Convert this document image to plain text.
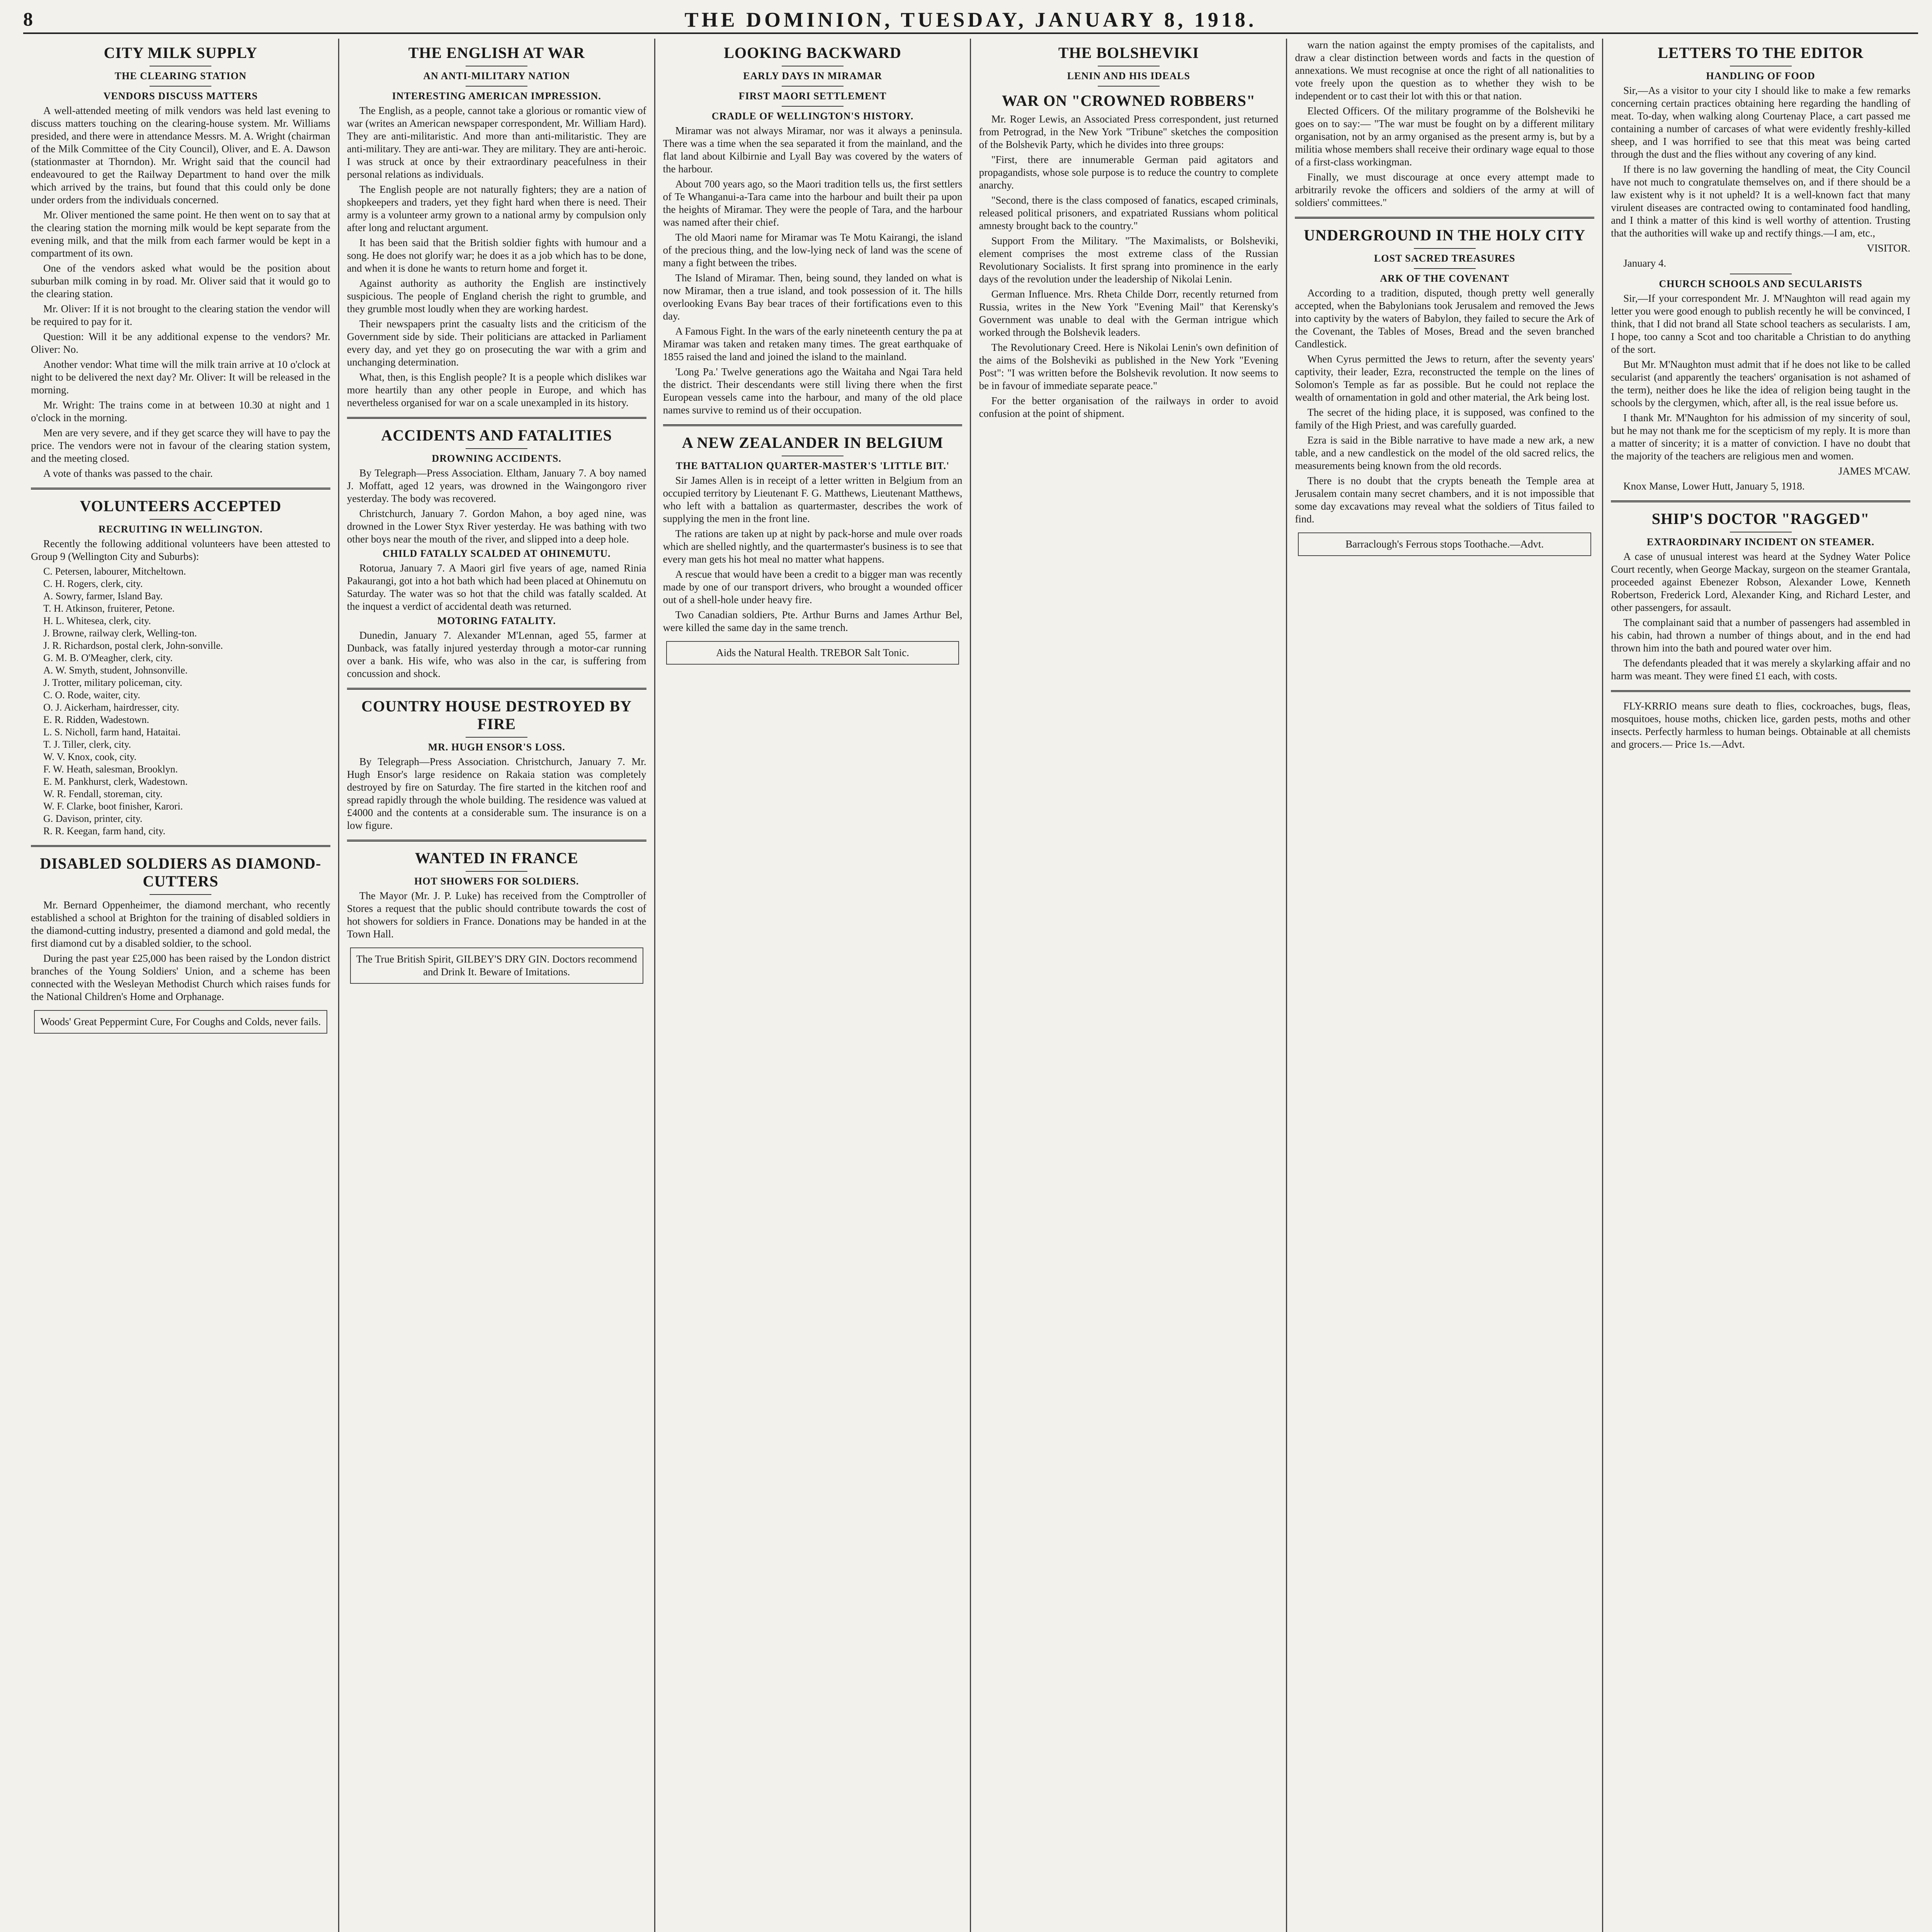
8	THE DOMINION, TUESDAY, JANUARY 8, 1918.
CITY MILK SUPPLY
THE CLEARING STATION
VENDORS DISCUSS MATTERS

A well-attended meeting of milk vendors was held last evening to discuss matters touching on the clearing-house system. Mr. Williams presided, and there were in attendance Messrs. M. A. Wright (chairman of the Milk Committee of the City Council), Oliver, and E. A. Dawson (stationmaster at Thorndon). Mr. Wright said that the council had endeavoured to get the Railway Department to hand over the milk which arrived by the trains, but found that this could only be done under orders from the individuals concerned.

Mr. Oliver mentioned the same point. He then went on to say that at the clearing station the morning milk would be kept separate from the evening milk, and that the milk from each farmer would be kept in a compartment of its own.

One of the vendors asked what would be the position about suburban milk coming in by road. Mr. Oliver said that it would go to the clearing station.

Mr. Oliver: If it is not brought to the clearing station the vendor will be required to pay for it.

Question: Will it be any additional expense to the vendors? Mr. Oliver: No.

Another vendor: What time will the milk train arrive at 10 o'clock at night to be delivered the next day? Mr. Oliver: It will be released in the morning.

Mr. Wright: The trains come in at between 10.30 at night and 1 o'clock in the morning.

Men are very severe, and if they get scarce they will have to pay the price. The vendors were not in favour of the clearing station system, and the meeting closed.

A vote of thanks was passed to the chair.

VOLUNTEERS ACCEPTED
RECRUITING IN WELLINGTON.

Recently the following additional volunteers have been attested to Group 9 (Wellington City and Suburbs):

C. Petersen, labourer, Mitcheltown.
C. H. Rogers, clerk, city.
A. Sowry, farmer, Island Bay.
T. H. Atkinson, fruiterer, Petone.
H. L. Whitesea, clerk, city.
J. Browne, railway clerk, Welling-ton.
J. R. Richardson, postal clerk, John-sonville.
G. M. B. O'Meagher, clerk, city.
A. W. Smyth, student, Johnsonville.
J. Trotter, military policeman, city.
C. O. Rode, waiter, city.
O. J. Aickerham, hairdresser, city.
E. R. Ridden, Wadestown.
L. S. Nicholl, farm hand, Hataitai.
T. J. Tiller, clerk, city.
W. V. Knox, cook, city.
F. W. Heath, salesman, Brooklyn.
E. M. Pankhurst, clerk, Wadestown.
W. R. Fendall, storeman, city.
W. F. Clarke, boot finisher, Karori.
G. Davison, printer, city.
R. R. Keegan, farm hand, city.
DISABLED SOLDIERS AS DIAMOND-CUTTERS

Mr. Bernard Oppenheimer, the diamond merchant, who recently established a school at Brighton for the training of disabled soldiers in the diamond-cutting industry, presented a diamond and gold medal, the first diamond cut by a disabled soldier, to the school.

During the past year £25,000 has been raised by the London district branches of the Young Soldiers' Union, and a scheme has been connected with the Wesleyan Methodist Church which raises funds for the National Children's Home and Orphanage.

Woods' Great Peppermint Cure, For Coughs and Colds, never fails.
THE ENGLISH AT WAR
AN ANTI-MILITARY NATION
INTERESTING AMERICAN IMPRESSION.

The English, as a people, cannot take a glorious or romantic view of war (writes an American newspaper correspondent, Mr. William Hard). They are anti-militaristic. And more than anti-militaristic. They are anti-military. They are anti-war. They are military. They are anti-heroic. I was struck at once by their extraordinary peacefulness in their personal relations as individuals.

The English people are not naturally fighters; they are a nation of shopkeepers and traders, yet they fight hard when there is need. Their army is a volunteer army grown to a national army by compulsion only after long and reluctant argument.

It has been said that the British soldier fights with humour and a song. He does not glorify war; he does it as a job which has to be done, and when it is done he wants to return home and forget it.

Against authority as authority the English are instinctively suspicious. The people of England cherish the right to grumble, and they grumble most loudly when they are working hardest.

Their newspapers print the casualty lists and the criticism of the Government side by side. Their politicians are attacked in Parliament every day, and yet they go on prosecuting the war with a grim and unchanging determination.

What, then, is this English people? It is a people which dislikes war more heartily than any other people in Europe, and which has nevertheless organised for war on a scale unexampled in its history.

ACCIDENTS AND FATALITIES
DROWNING ACCIDENTS.

By Telegraph—Press Association. Eltham, January 7. A boy named J. Moffatt, aged 12 years, was drowned in the Waingongoro river yesterday. The body was recovered.

Christchurch, January 7. Gordon Mahon, a boy aged nine, was drowned in the Lower Styx River yesterday. He was bathing with two other boys near the mouth of the river, and slipped into a deep hole.

CHILD FATALLY SCALDED AT OHINEMUTU.

Rotorua, January 7. A Maori girl five years of age, named Rinia Pakaurangi, got into a hot bath which had been placed at Ohinemutu on Saturday. The water was so hot that the child was fatally scalded. At the inquest a verdict of accidental death was returned.

MOTORING FATALITY.

Dunedin, January 7. Alexander M'Lennan, aged 55, farmer at Dunback, was fatally injured yesterday through a motor-car running over a bank. His wife, who was also in the car, is suffering from concussion and shock.

COUNTRY HOUSE DESTROYED BY FIRE
MR. HUGH ENSOR'S LOSS.

By Telegraph—Press Association. Christchurch, January 7. Mr. Hugh Ensor's large residence on Rakaia station was completely destroyed by fire on Saturday. The fire started in the kitchen roof and spread rapidly through the whole building. The residence was valued at £4000 and the contents at a considerable sum. The insurance is on a low figure.

WANTED IN FRANCE
HOT SHOWERS FOR SOLDIERS.

The Mayor (Mr. J. P. Luke) has received from the Comptroller of Stores a request that the public should contribute towards the cost of hot showers for soldiers in France. Donations may be handed in at the Town Hall.

The True British Spirit, GILBEY'S DRY GIN. Doctors recommend and Drink It. Beware of Imitations.
LOOKING BACKWARD
EARLY DAYS IN MIRAMAR
FIRST MAORI SETTLEMENT
CRADLE OF WELLINGTON'S HISTORY.

Miramar was not always Miramar, nor was it always a peninsula. There was a time when the sea separated it from the mainland, and the flat land about Kilbirnie and Lyall Bay was covered by the waters of the harbour.

About 700 years ago, so the Maori tradition tells us, the first settlers of Te Whanganui-a-Tara came into the harbour and built their pa upon the heights of Miramar. They were the people of Tara, and the harbour was named after their chief.

The old Maori name for Miramar was Te Motu Kairangi, the island of the precious thing, and the low-lying neck of land was the scene of many a fight between the tribes.

The Island of Miramar. Then, being sound, they landed on what is now Miramar, then a true island, and took possession of it. The hills overlooking Evans Bay bear traces of their fortifications even to this day.

A Famous Fight. In the wars of the early nineteenth century the pa at Miramar was taken and retaken many times. The great earthquake of 1855 raised the land and joined the island to the mainland.

'Long Pa.' Twelve generations ago the Waitaha and Ngai Tara held the district. Their descendants were still living there when the first European vessels came into the harbour, and many of the old place names survive to remind us of their occupation.

A NEW ZEALANDER IN BELGIUM
THE BATTALION QUARTER-MASTER'S 'LITTLE BIT.'

Sir James Allen is in receipt of a letter written in Belgium from an occupied territory by Lieutenant F. G. Matthews, Lieutenant Matthews, who left with a battalion as quartermaster, describes the work of supplying the men in the front line.

The rations are taken up at night by pack-horse and mule over roads which are shelled nightly, and the quartermaster's business is to see that every man gets his hot meal no matter what happens.

A rescue that would have been a credit to a bigger man was recently made by one of our transport drivers, who brought a wounded officer out of a shell-hole under heavy fire.

Two Canadian soldiers, Pte. Arthur Burns and James Arthur Bel, were killed the same day in the same trench.

Aids the Natural Health. TREBOR Salt Tonic.
THE BOLSHEVIKI
LENIN AND HIS IDEALS
WAR ON "CROWNED ROBBERS"

Mr. Roger Lewis, an Associated Press correspondent, just returned from Petrograd, in the New York "Tribune" sketches the composition of the Bolshevik Party, which he divides into three groups:

"First, there are innumerable German paid agitators and propagandists, whose sole purpose is to reduce the country to complete anarchy.

"Second, there is the class composed of fanatics, escaped criminals, released political prisoners, and expatriated Russians whom political amnesty brought back to the country."

Support From the Military. "The Maximalists, or Bolsheviki, element comprises the most extreme class of the Russian Revolutionary Socialists. It first sprang into prominence in the early days of the revolution under the leadership of Nikolai Lenin.

German Influence. Mrs. Rheta Childe Dorr, recently returned from Russia, writes in the New York "Evening Mail" that Kerensky's Government was unable to deal with the German intrigue which worked through the Bolshevik leaders.

The Revolutionary Creed. Here is Nikolai Lenin's own definition of the aims of the Bolsheviki as published in the New York "Evening Post": "I was written before the Bolshevik revolution. It now seems to be in favour of immediate separate peace."

For the better organisation of the railways in order to avoid confusion at the point of shipment.

warn the nation against the empty promises of the capitalists, and draw a clear distinction between words and facts in the question of annexations. We must recognise at once the right of all nationalities to vote freely upon the question as to whether they wish to be independent or to cast their lot with this or that nation.

Elected Officers. Of the military programme of the Bolsheviki he goes on to say:— "The war must be fought on by a different military organisation, not by an army organised as the present army is, but by a militia whose members shall receive their ordinary wage equal to those of a first-class workingman.

Finally, we must discourage at once every attempt made to arbitrarily revoke the officers and soldiers of the army at will of soldiers' committees."

UNDERGROUND IN THE HOLY CITY
LOST SACRED TREASURES
ARK OF THE COVENANT

According to a tradition, disputed, though pretty well generally accepted, when the Babylonians took Jerusalem and removed the Jews into captivity by the waters of Babylon, they failed to secure the Ark of the Covenant, the Tables of Moses, Bread and the seven branched Candlestick.

When Cyrus permitted the Jews to return, after the seventy years' captivity, their leader, Ezra, reconstructed the temple on the lines of Solomon's Temple as far as possible. But he could not replace the wealth of ornamentation in gold and other material, the Ark being lost.

The secret of the hiding place, it is supposed, was confined to the family of the High Priest, and was carefully guarded.

Ezra is said in the Bible narrative to have made a new ark, a new table, and a new candlestick on the model of the old sacred relics, the measurements being known from the old records.

There is no doubt that the crypts beneath the Temple area at Jerusalem contain many secret chambers, and it is not impossible that some day excavations may reveal what the soldiers of Titus failed to find.

Barraclough's Ferrous stops Toothache.—Advt.
LETTERS TO THE EDITOR
HANDLING OF FOOD

Sir,—As a visitor to your city I should like to make a few remarks concerning certain practices obtaining here regarding the handling of meat. To-day, when walking along Courtenay Place, a cart passed me containing a number of carcases of what were evidently freshly-killed sheep, and I was horrified to see that this meat was being carted through the dust and the flies without any covering of any kind.

If there is no law governing the handling of meat, the City Council have not much to congratulate themselves on, and if there should be a law existent why is it not upheld? It is a well-known fact that many virulent diseases are contracted owing to contaminated food handling, and I think a matter of this kind is well worthy of attention. Trusting that the authorities will wake up and rectify things.—I am, etc.,

VISITOR.

January 4.

CHURCH SCHOOLS AND SECULARISTS

Sir,—If your correspondent Mr. J. M'Naughton will read again my letter you were good enough to publish recently he will be convinced, I think, that I did not brand all State school teachers as secularists. I am, I hope, too canny a Scot and too charitable a Christian to do anything of the sort.

But Mr. M'Naughton must admit that if he does not like to be called secularist (and apparently the teachers' organisation is not ashamed of the term), neither does he like the idea of religion being taught in the schools by the clergymen, which, after all, is the real issue before us.

I thank Mr. M'Naughton for his admission of my sincerity of soul, but he may not thank me for the scepticism of my reply. It is more than a matter of sincerity; it is a matter of conviction. I have no doubt that the majority of the teachers are religious men and women.

JAMES M'CAW.

Knox Manse, Lower Hutt, January 5, 1918.

SHIP'S DOCTOR "RAGGED"
EXTRAORDINARY INCIDENT ON STEAMER.

A case of unusual interest was heard at the Sydney Water Police Court recently, when George Mackay, surgeon on the steamer Grantala, proceeded against Ebenezer Robson, Alexander Lowe, Kenneth Robertson, Frederick Lord, Alexander King, and Richard Lester, and other passengers, for assault.

The complainant said that a number of passengers had assembled in his cabin, had thrown a number of things about, and in the end had thrown him into the bath and poured water over him.

The defendants pleaded that it was merely a skylarking affair and no harm was meant. They were fined £1 each, with costs.

FLY-KRRIO means sure death to flies, cockroaches, bugs, fleas, mosquitoes, house moths, chicken lice, garden pests, moths and other insects. Perfectly harmless to human beings. Obtainable at all chemists and grocers.— Price 1s.—Advt.
